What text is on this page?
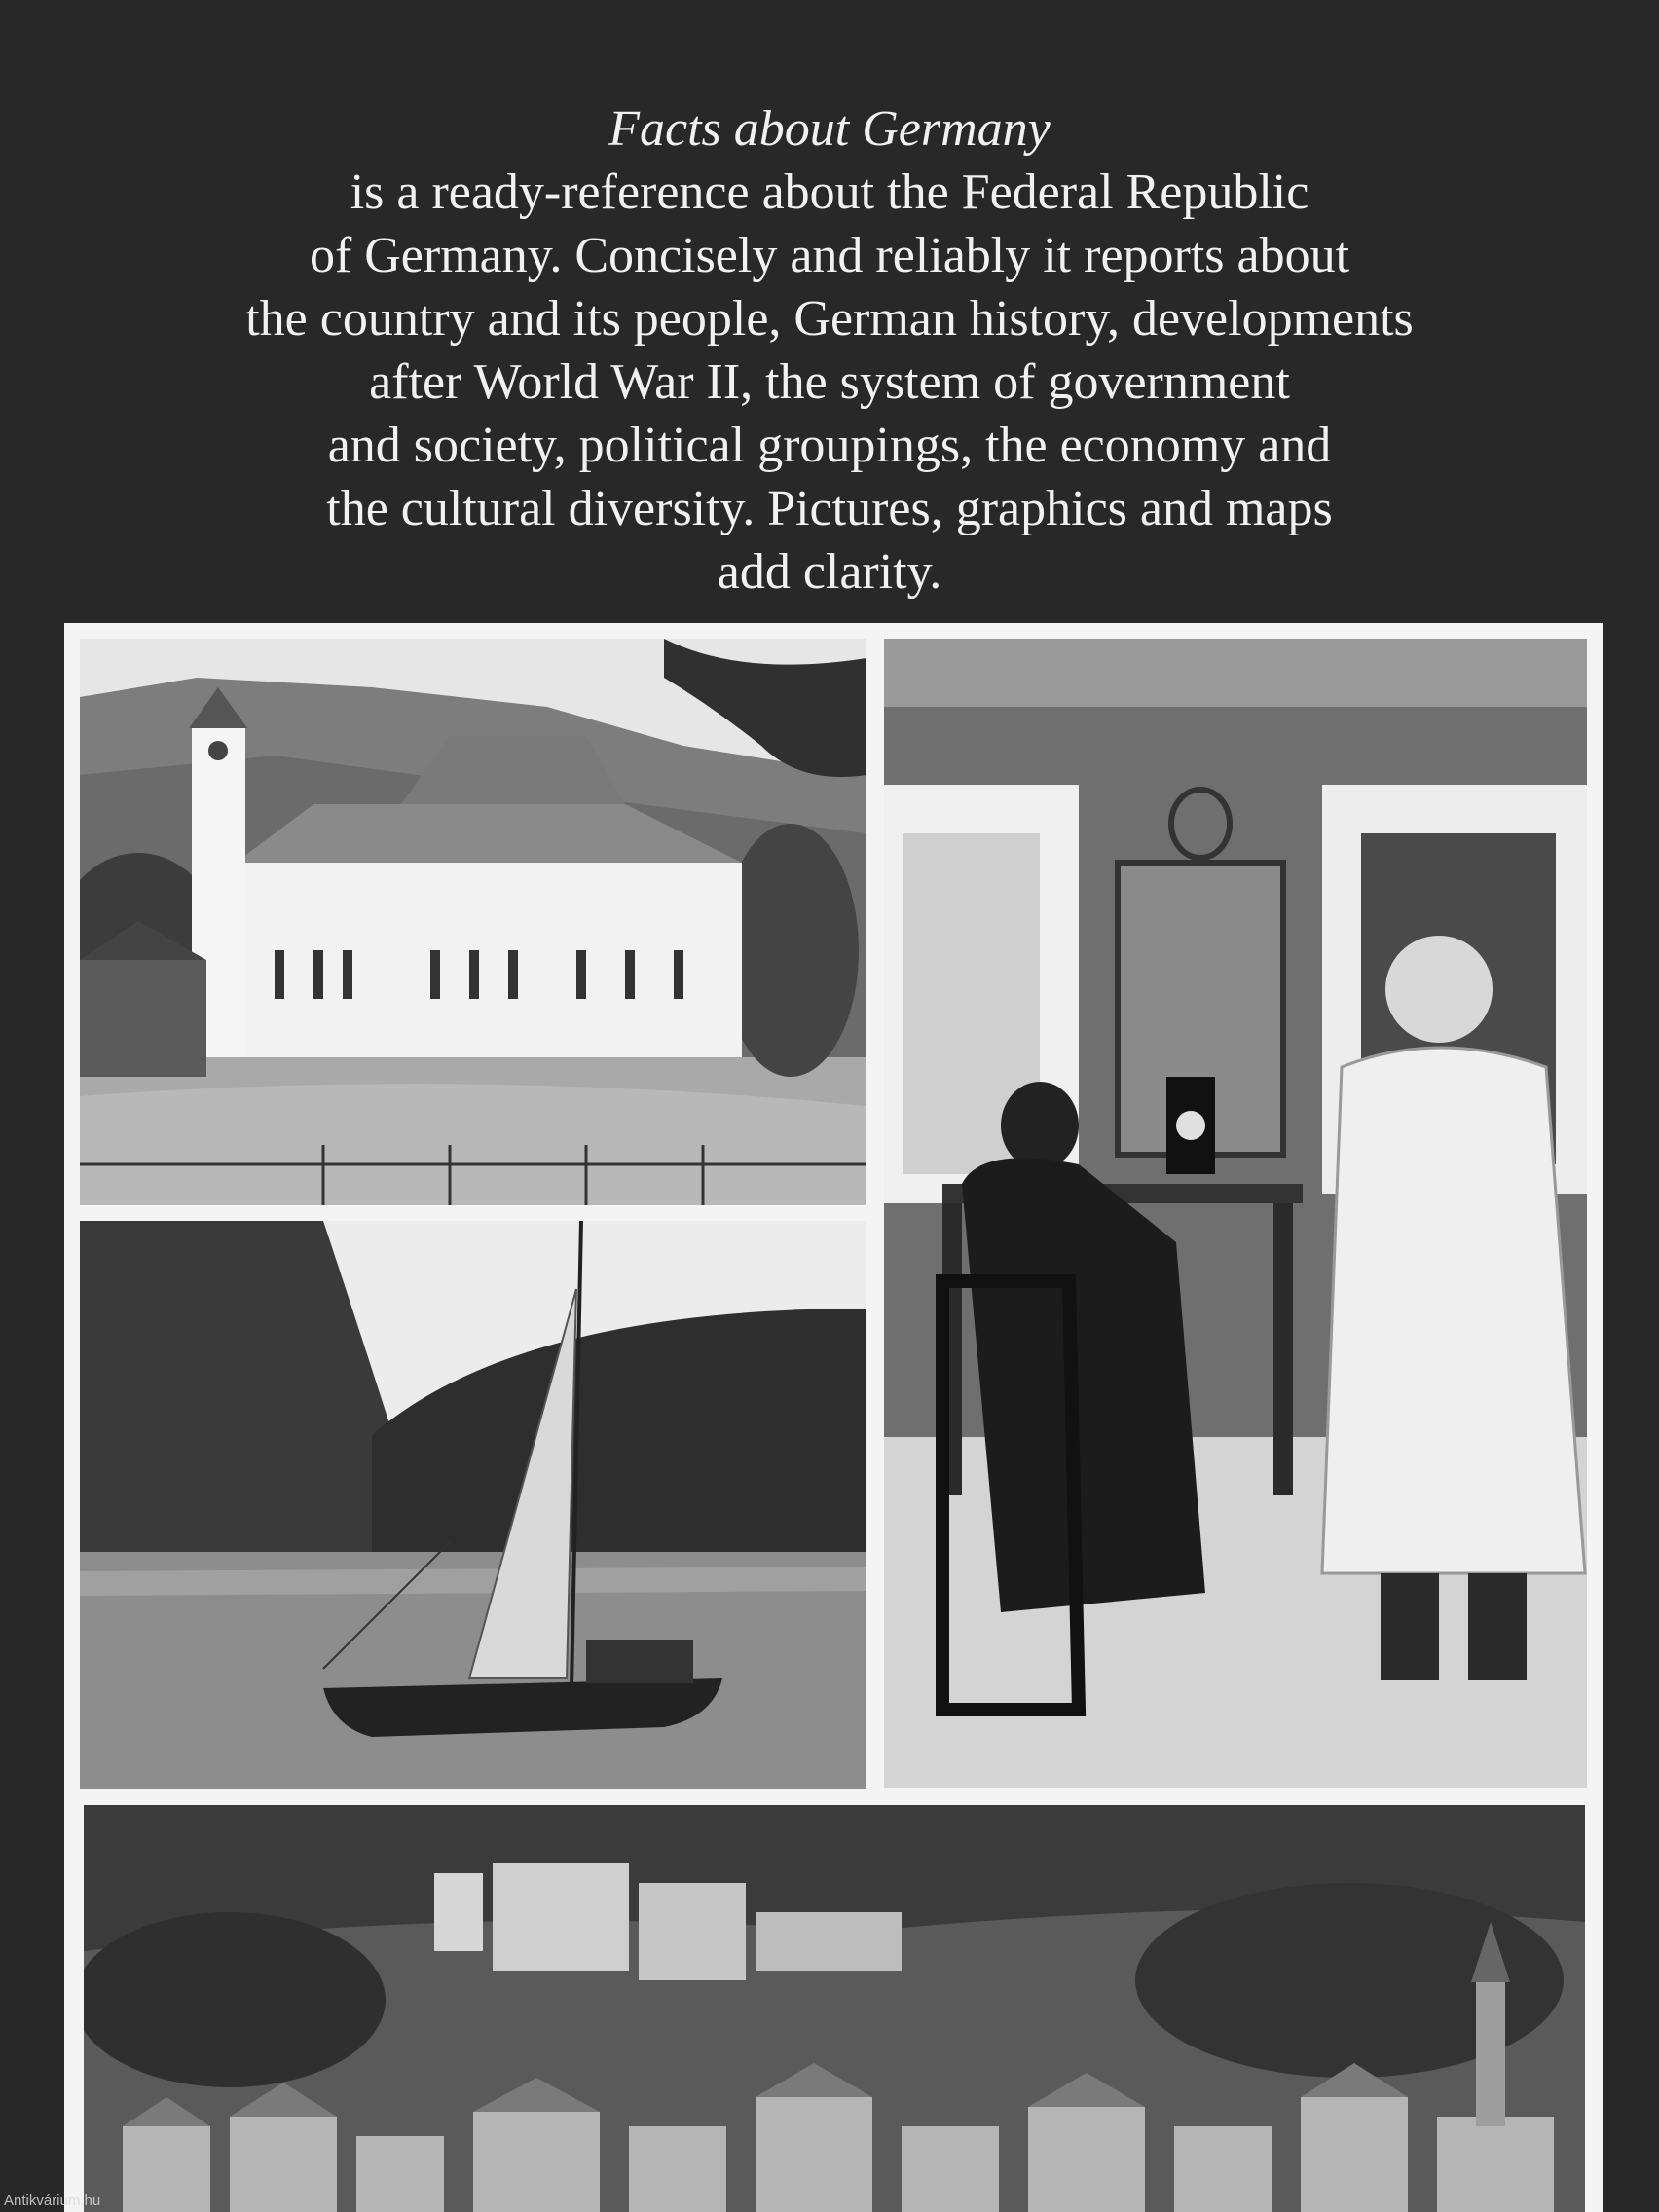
Facts about Germany
is a ready-reference about the Federal Republic
of Germany. Concisely and reliably it reports about
the country and its people, German history, developments
after World War II, the system of government
and society, political groupings, the economy and
the cultural diversity. Pictures, graphics and maps
add clarity.
Antikvárium.hu
